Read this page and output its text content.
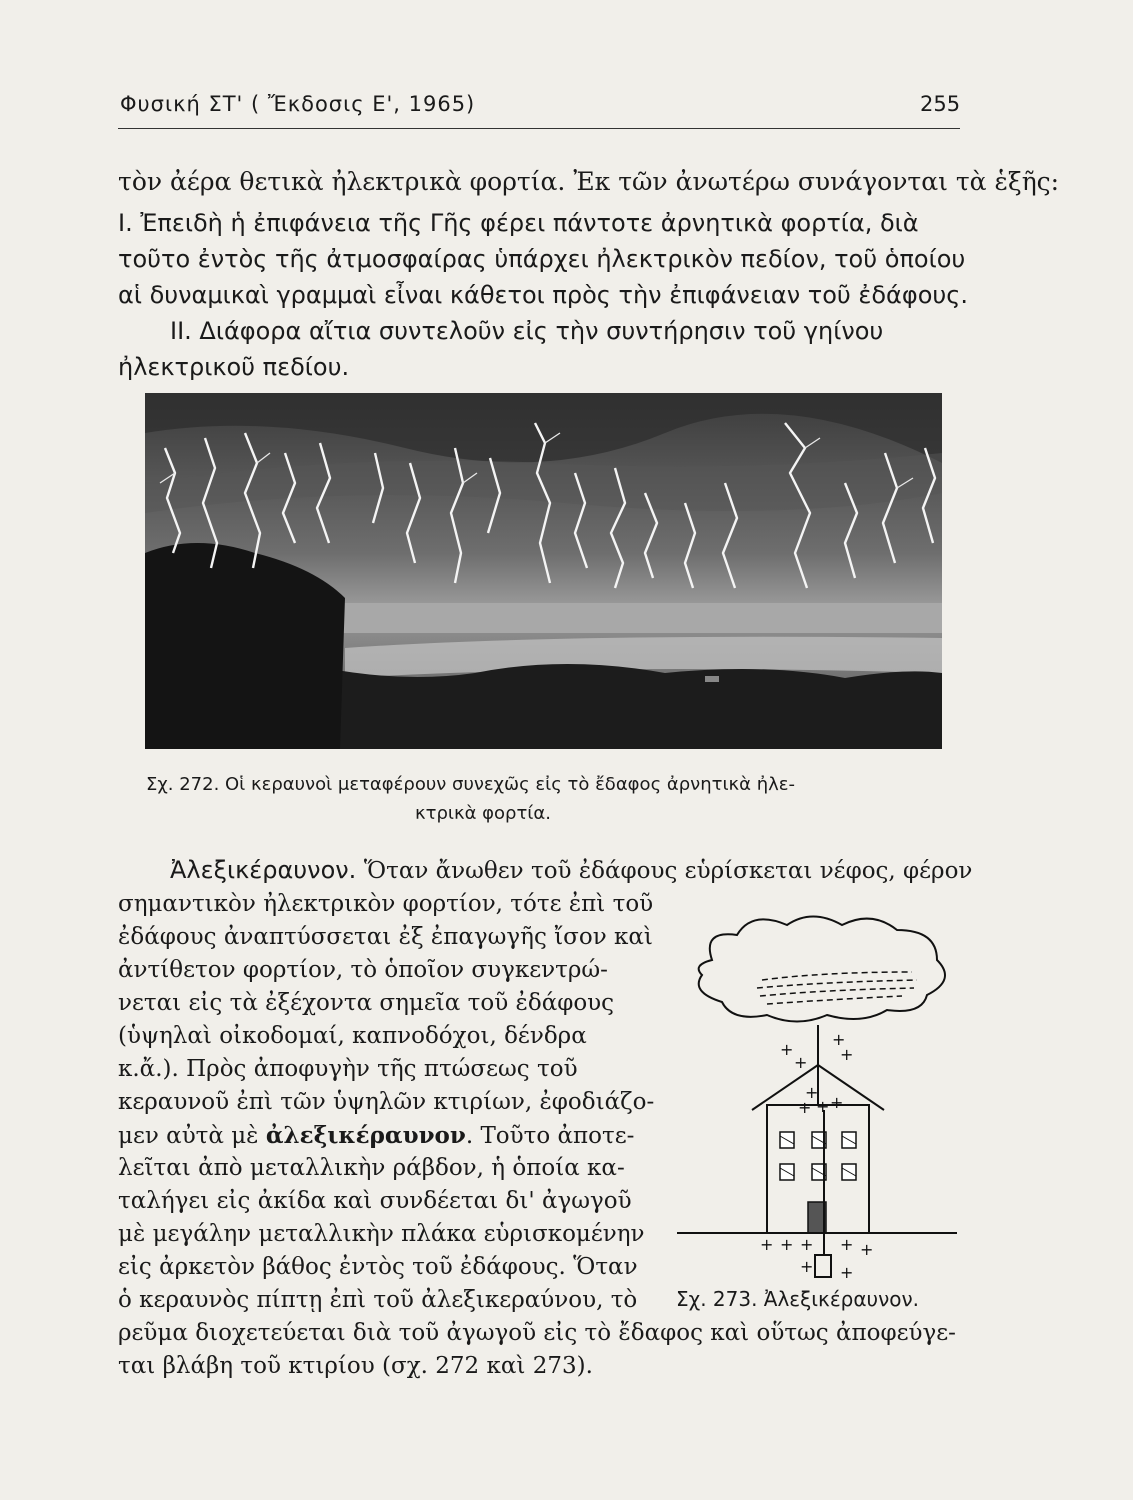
Φυσική ΣΤ' ( Ἔκδοσις Ε', 1965)	255
τὸν ἀέρα θετικὰ ἠλεκτρικὰ φορτία. Ἐκ τῶν ἀνωτέρω συνάγονται τὰ ἑξῆς:
I. Ἐπειδὴ ἡ ἐπιφάνεια τῆς Γῆς φέρει πάντοτε ἀρνητικὰ φορτία, διὰ
τοῦτο ἐντὸς τῆς ἀτμοσφαίρας ὑπάρχει ἠλεκτρικὸν πεδίον, τοῦ ὁποίου
αἱ δυναμικαὶ γραμμαὶ εἶναι κάθετοι πρὸς τὴν ἐπιφάνειαν τοῦ ἐδάφους.
II. Διάφορα αἴτια συντελοῦν εἰς τὴν συντήρησιν τοῦ γηίνου
ἠλεκτρικοῦ πεδίου.
Σχ. 272. Οἱ κεραυνοὶ μεταφέρουν συνεχῶς εἰς τὸ ἔδαφος ἀρνητικὰ ἠλε-
κτρικὰ φορτία.
Ἀλεξικέραυνον. Ὅταν ἄνωθεν τοῦ ἐδάφους εὑρίσκεται νέφος, φέρον
σημαντικὸν ἠλεκτρικὸν φορτίον, τότε ἐπὶ τοῦ
ἐδάφους ἀναπτύσσεται ἐξ ἐπαγωγῆς ἴσον καὶ
ἀντίθετον φορτίον, τὸ ὁποῖον συγκεντρώ-
νεται εἰς τὰ ἐξέχοντα σημεῖα τοῦ ἐδάφους
(ὑψηλαὶ οἰκοδομαί, καπνοδόχοι, δένδρα
κ.ἄ.). Πρὸς ἀποφυγὴν τῆς πτώσεως τοῦ
κεραυνοῦ ἐπὶ τῶν ὑψηλῶν κτιρίων, ἐφοδιάζο-
μεν αὐτὰ μὲ ἀλεξικέραυνον. Τοῦτο ἀποτε-
λεῖται ἀπὸ μεταλλικὴν ράβδον, ἡ ὁποία κα-
ταλήγει εἰς ἀκίδα καὶ συνδέεται δι' ἀγωγοῦ
μὲ μεγάλην μεταλλικὴν πλάκα εὑρισκομένην
εἰς ἀρκετὸν βάθος ἐντὸς τοῦ ἐδάφους. Ὅταν
ὁ κεραυνὸς πίπτῃ ἐπὶ τοῦ ἀλεξικεραύνου, τὸ
ρεῦμα διοχετεύεται διὰ τοῦ ἀγωγοῦ εἰς τὸ ἔδαφος καὶ οὕτως ἀποφεύγε-
ται βλάβη τοῦ κτιρίου (σχ. 272 καὶ 273).
+
+
+
+
+
+ + +
+ + + + +
+ +
Σχ. 273. Ἀλεξικέραυνον.
